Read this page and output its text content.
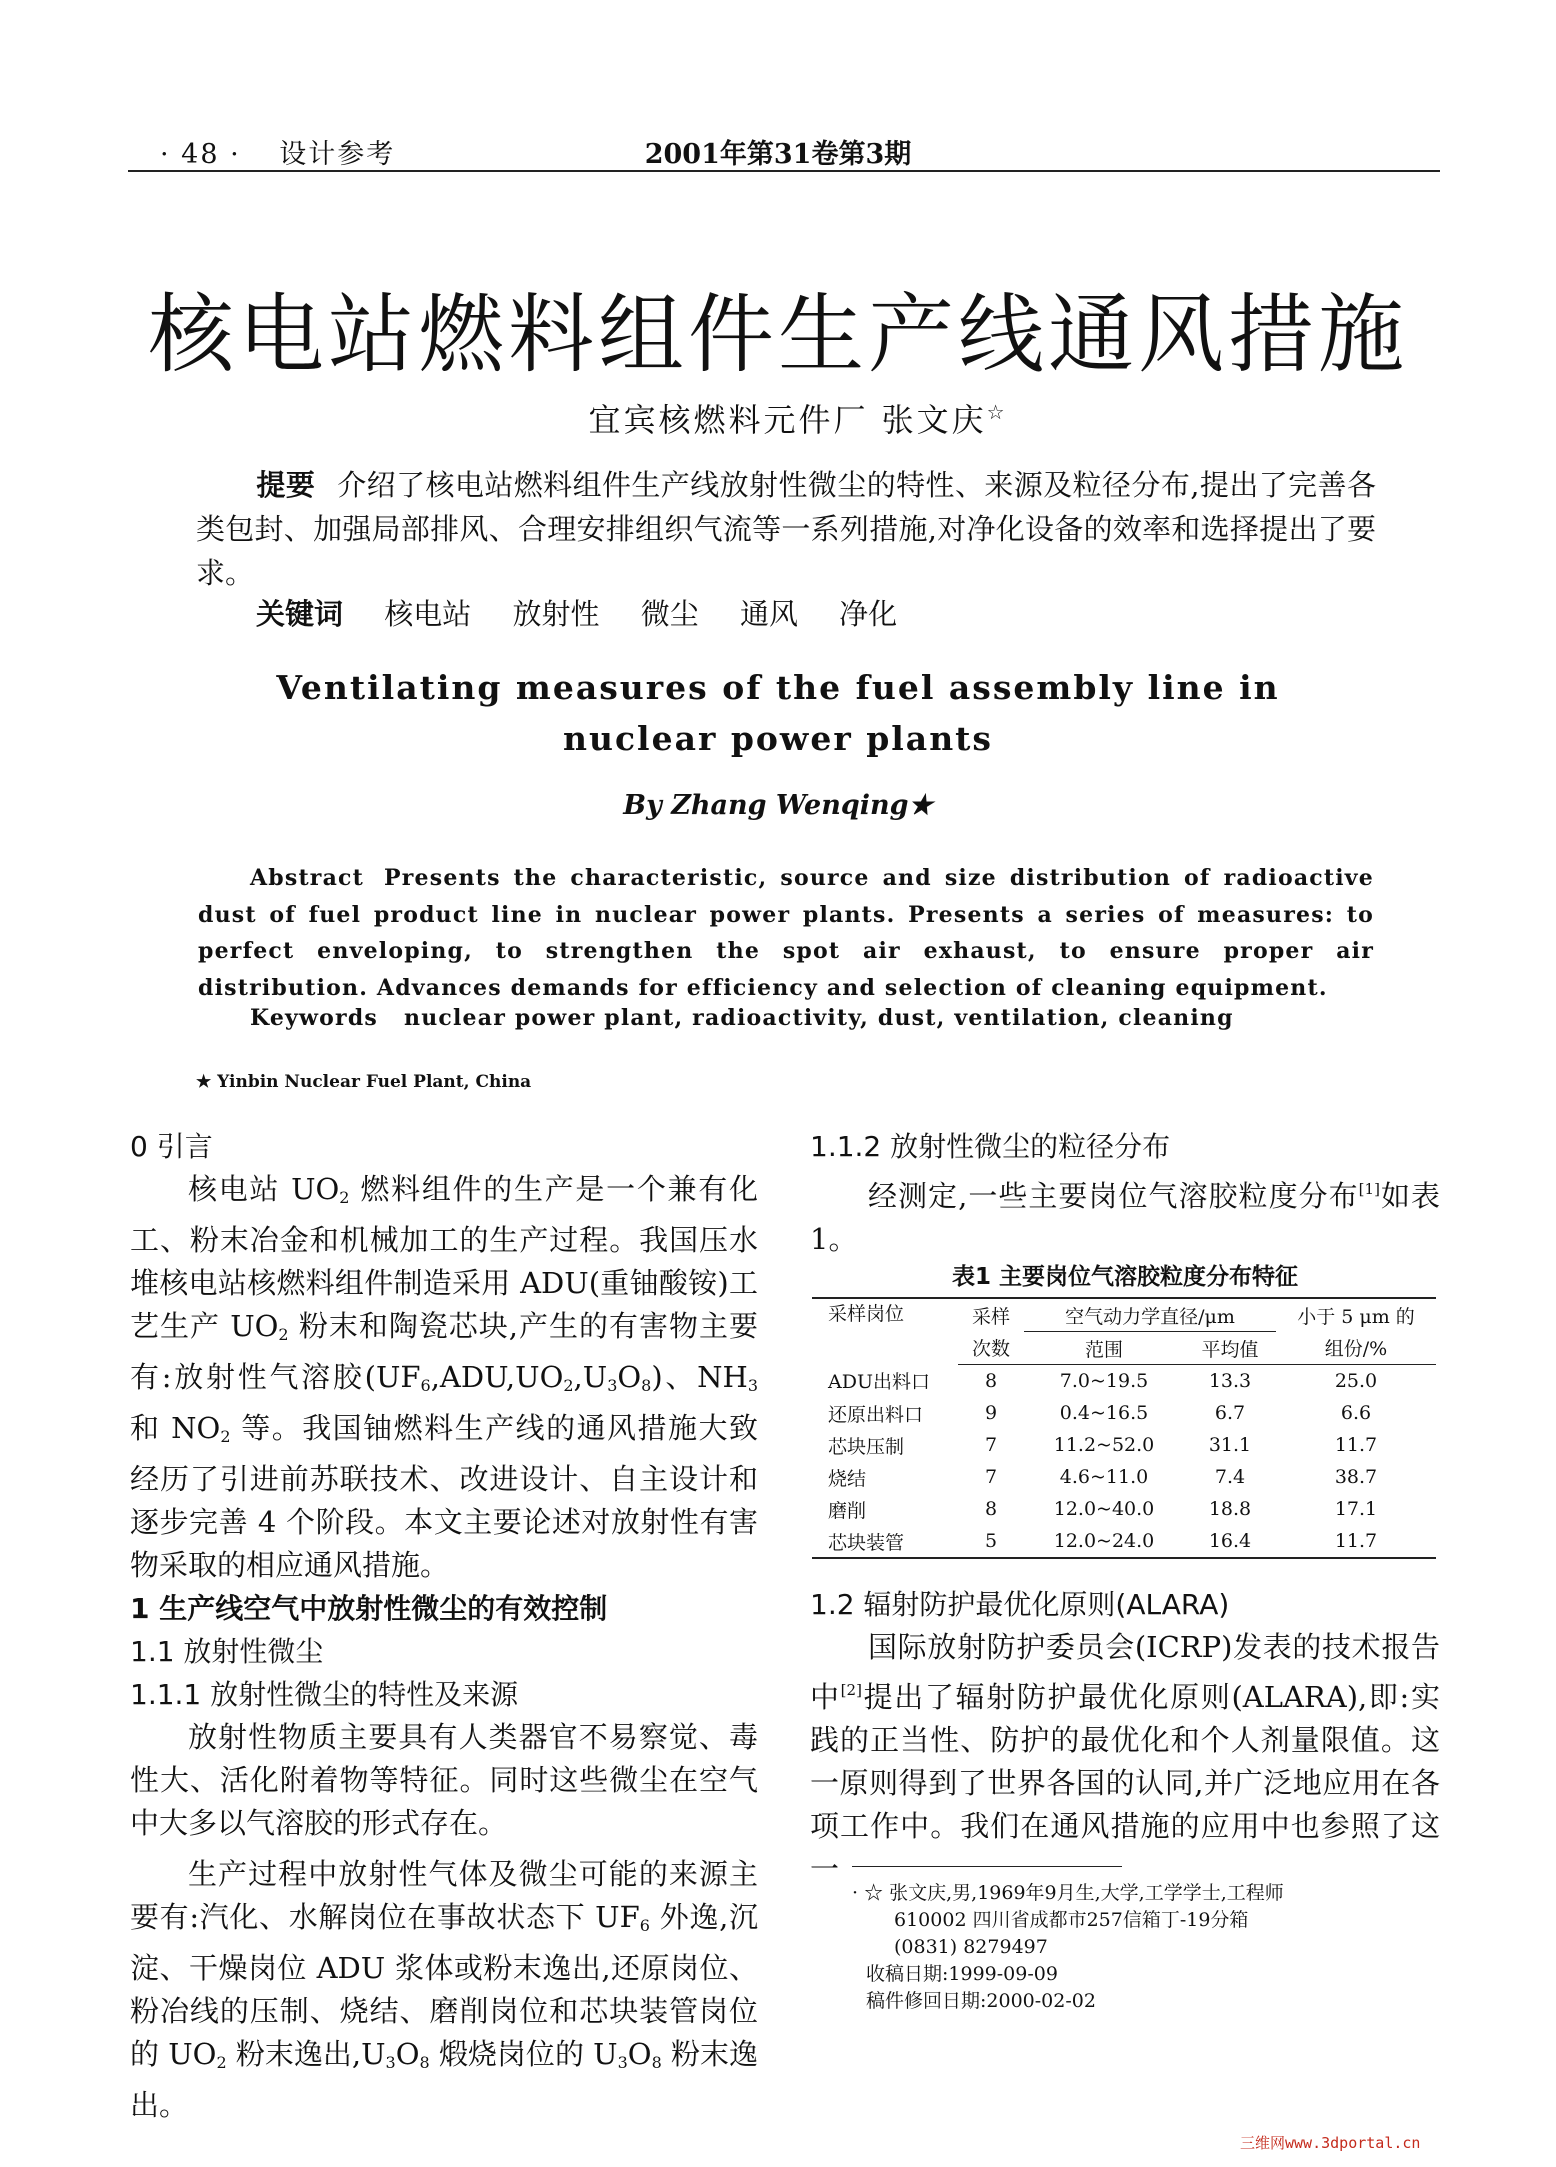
· 48 · 设计参考	2001年第31卷第3期
核电站燃料组件生产线通风措施
宜宾核燃料元件厂 张文庆☆
提要 介绍了核电站燃料组件生产线放射性微尘的特性、来源及粒径分布,提出了完善各类包封、加强局部排风、合理安排组织气流等一系列措施,对净化设备的效率和选择提出了要求。
关键词 核电站 放射性 微尘 通风 净化
Ventilating measures of the fuel assembly line in
nuclear power plants
By Zhang Wenqing★
Abstract Presents the characteristic, source and size distribution of radioactive dust of fuel product line in nuclear power plants. Presents a series of measures: to perfect enveloping, to strengthen the spot air exhaust, to ensure proper air distribution. Advances demands for efficiency and selection of cleaning equipment.
Keywords nuclear power plant, radioactivity, dust, ventilation, cleaning
★ Yinbin Nuclear Fuel Plant, China

0 引言

核电站 $UO_2$ 燃料组件的生产是一个兼有化工、粉末冶金和机械加工的生产过程。我国压水堆核电站核燃料组件制造采用 ADU(重铀酸铵)工艺生产 $UO_2$ 粉末和陶瓷芯块,产生的有害物主要有:放射性气溶胶$(UF_6,ADU,UO_2,U_3O_8)$、$NH_3$ 和 $NO_2$ 等。我国铀燃料生产线的通风措施大致经历了引进前苏联技术、改进设计、自主设计和逐步完善 4 个阶段。本文主要论述对放射性有害物采取的相应通风措施。

1 生产线空气中放射性微尘的有效控制

1.1 放射性微尘

1.1.1 放射性微尘的特性及来源

放射性物质主要具有人类器官不易察觉、毒性大、活化附着物等特征。同时这些微尘在空气中大多以气溶胶的形式存在。

生产过程中放射性气体及微尘可能的来源主要有:汽化、水解岗位在事故状态下 $UF_6$ 外逸,沉淀、干燥岗位 ADU 浆体或粉末逸出,还原岗位、粉冶线的压制、烧结、磨削岗位和芯块装管岗位的 $UO_2$ 粉末逸出$,U_3O_8$ 煅烧岗位的 $U_3O_8$ 粉末逸出。

1.1.2 放射性微尘的粒径分布

经测定,一些主要岗位气溶胶粒度分布[1]如表 1。

表1 主要岗位气溶胶粒度分布特征
采样岗位	采样	空气动力学直径/μm		小于 5 μm 的
	次数	范围	平均值	组份/%
ADU出料口	8	7.0~19.5	13.3	25.0
还原出料口	9	0.4~16.5	6.7	6.6
芯块压制	7	11.2~52.0	31.1	11.7
烧结	7	4.6~11.0	7.4	38.7
磨削	8	12.0~40.0	18.8	17.1
芯块装管	5	12.0~24.0	16.4	11.7

1.2 辐射防护最优化原则(ALARA)

国际放射防护委员会(ICRP)发表的技术报告中[2]提出了辐射防护最优化原则(ALARA),即:实践的正当性、防护的最优化和个人剂量限值。这一原则得到了世界各国的认同,并广泛地应用在各项工作中。我们在通风措施的应用中也参照了这一

· ☆ 张文庆,男,1969年9月生,大学,工学学士,工程师
610002 四川省成都市257信箱丁-19分箱
(0831) 8279497
收稿日期:1999-09-09
稿件修回日期:2000-02-02
三维网www.3dportal.cn
